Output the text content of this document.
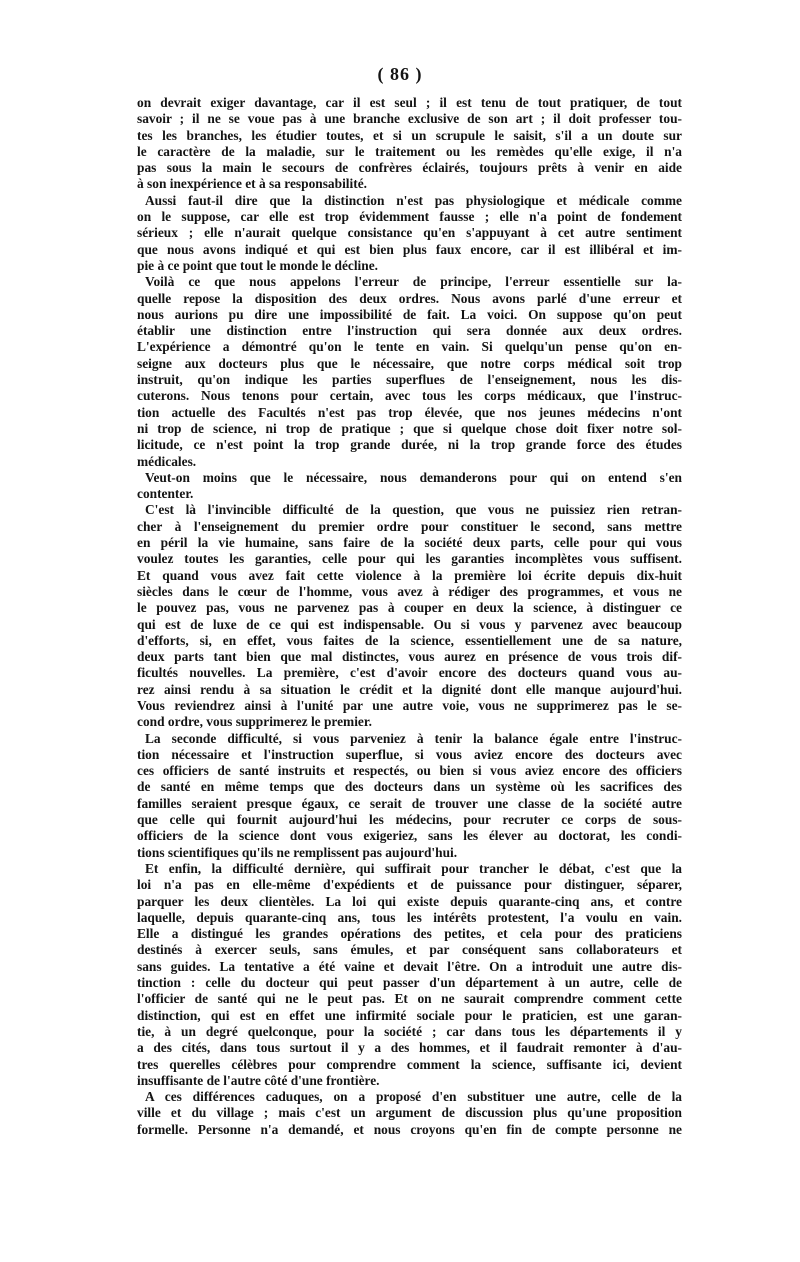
( 86 )
on devrait exiger davantage, car il est seul ; il est tenu de tout pratiquer, de tout
savoir ; il ne se voue pas à une branche exclusive de son art ; il doit professer tou-
tes les branches, les étudier toutes, et si un scrupule le saisit, s'il a un doute sur
le caractère de la maladie, sur le traitement ou les remèdes qu'elle exige, il n'a
pas sous la main le secours de confrères éclairés, toujours prêts à venir en aide
à son inexpérience et à sa responsabilité.
Aussi faut-il dire que la distinction n'est pas physiologique et médicale comme
on le suppose, car elle est trop évidemment fausse ; elle n'a point de fondement
sérieux ; elle n'aurait quelque consistance qu'en s'appuyant à cet autre sentiment
que nous avons indiqué et qui est bien plus faux encore, car il est illibéral et im-
pie à ce point que tout le monde le décline.
Voilà ce que nous appelons l'erreur de principe, l'erreur essentielle sur la-
quelle repose la disposition des deux ordres. Nous avons parlé d'une erreur et
nous aurions pu dire une impossibilité de fait. La voici. On suppose qu'on peut
établir une distinction entre l'instruction qui sera donnée aux deux ordres.
L'expérience a démontré qu'on le tente en vain. Si quelqu'un pense qu'on en-
seigne aux docteurs plus que le nécessaire, que notre corps médical soit trop
instruit, qu'on indique les parties superflues de l'enseignement, nous les dis-
cuterons. Nous tenons pour certain, avec tous les corps médicaux, que l'instruc-
tion actuelle des Facultés n'est pas trop élevée, que nos jeunes médecins n'ont
ni trop de science, ni trop de pratique ; que si quelque chose doit fixer notre sol-
licitude, ce n'est point la trop grande durée, ni la trop grande force des études
médicales.
Veut-on moins que le nécessaire, nous demanderons pour qui on entend s'en
contenter.
C'est là l'invincible difficulté de la question, que vous ne puissiez rien retran-
cher à l'enseignement du premier ordre pour constituer le second, sans mettre
en péril la vie humaine, sans faire de la société deux parts, celle pour qui vous
voulez toutes les garanties, celle pour qui les garanties incomplètes vous suffisent.
Et quand vous avez fait cette violence à la première loi écrite depuis dix-huit
siècles dans le cœur de l'homme, vous avez à rédiger des programmes, et vous ne
le pouvez pas, vous ne parvenez pas à couper en deux la science, à distinguer ce
qui est de luxe de ce qui est indispensable. Ou si vous y parvenez avec beaucoup
d'efforts, si, en effet, vous faites de la science, essentiellement une de sa nature,
deux parts tant bien que mal distinctes, vous aurez en présence de vous trois dif-
ficultés nouvelles. La première, c'est d'avoir encore des docteurs quand vous au-
rez ainsi rendu à sa situation le crédit et la dignité dont elle manque aujourd'hui.
Vous reviendrez ainsi à l'unité par une autre voie, vous ne supprimerez pas le se-
cond ordre, vous supprimerez le premier.
La seconde difficulté, si vous parveniez à tenir la balance égale entre l'instruc-
tion nécessaire et l'instruction superflue, si vous aviez encore des docteurs avec
ces officiers de santé instruits et respectés, ou bien si vous aviez encore des officiers
de santé en même temps que des docteurs dans un système où les sacrifices des
familles seraient presque égaux, ce serait de trouver une classe de la société autre
que celle qui fournit aujourd'hui les médecins, pour recruter ce corps de sous-
officiers de la science dont vous exigeriez, sans les élever au doctorat, les condi-
tions scientifiques qu'ils ne remplissent pas aujourd'hui.
Et enfin, la difficulté dernière, qui suffirait pour trancher le débat, c'est que la
loi n'a pas en elle-même d'expédients et de puissance pour distinguer, séparer,
parquer les deux clientèles. La loi qui existe depuis quarante-cinq ans, et contre
laquelle, depuis quarante-cinq ans, tous les intérêts protestent, l'a voulu en vain.
Elle a distingué les grandes opérations des petites, et cela pour des praticiens
destinés à exercer seuls, sans émules, et par conséquent sans collaborateurs et
sans guides. La tentative a été vaine et devait l'être. On a introduit une autre dis-
tinction : celle du docteur qui peut passer d'un département à un autre, celle de
l'officier de santé qui ne le peut pas. Et on ne saurait comprendre comment cette
distinction, qui est en effet une infirmité sociale pour le praticien, est une garan-
tie, à un degré quelconque, pour la société ; car dans tous les départements il y
a des cités, dans tous surtout il y a des hommes, et il faudrait remonter à d'au-
tres querelles célèbres pour comprendre comment la science, suffisante ici, devient
insuffisante de l'autre côté d'une frontière.
A ces différences caduques, on a proposé d'en substituer une autre, celle de la
ville et du village ; mais c'est un argument de discussion plus qu'une proposition
formelle. Personne n'a demandé, et nous croyons qu'en fin de compte personne ne
